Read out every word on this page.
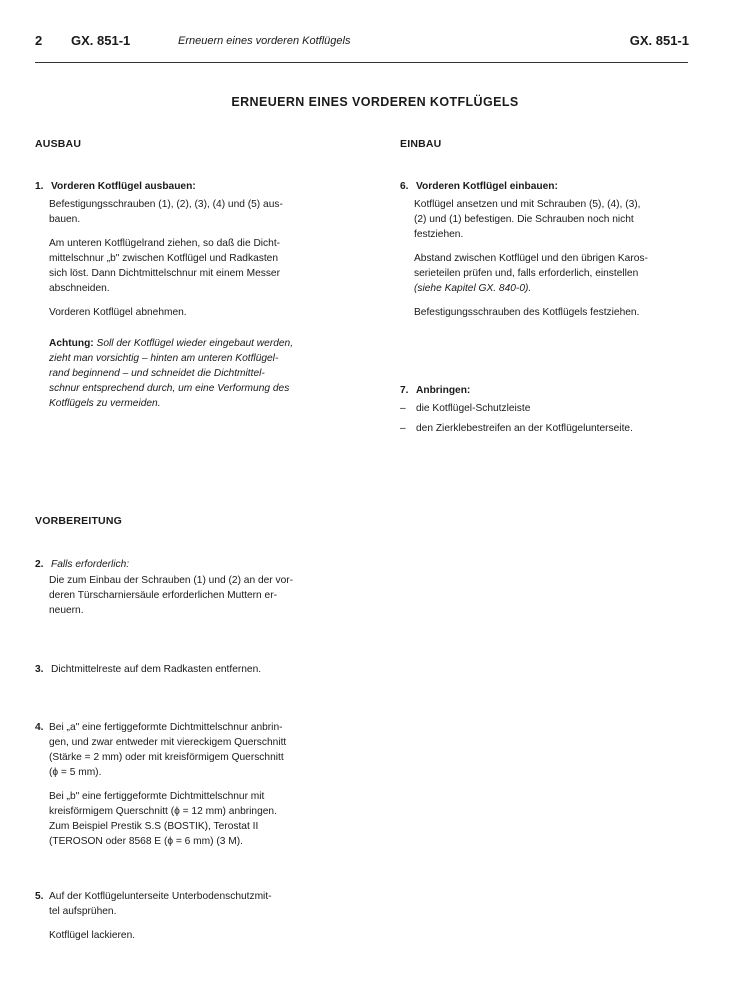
2 GX. 851-1	Erneuern eines vorderen Kotflügels	GX. 851-1
ERNEUERN EINES VORDEREN KOTFLÜGELS
AUSBAU
1. Vorderen Kotflügel ausbauen:

Befestigungsschrauben (1), (2), (3), (4) und (5) aus-
bauen.

Am unteren Kotflügelrand ziehen, so daß die Dicht-
mittelschnur „b" zwischen Kotflügel und Radkasten
sich löst. Dann Dichtmittelschnur mit einem Messer
abschneiden.

Vorderen Kotflügel abnehmen.

Achtung: Soll der Kotflügel wieder eingebaut werden,
zieht man vorsichtig – hinten am unteren Kotflügel-
rand beginnend – und schneidet die Dichtmittel-
schnur entsprechend durch, um eine Verformung des
Kotflügels zu vermeiden.

VORBEREITUNG
2. Falls erforderlich:

Die zum Einbau der Schrauben (1) und (2) an der vor-
deren Türscharniersäule erforderlichen Muttern er-
neuern.

3. Dichtmittelreste auf dem Radkasten entfernen.
4. Bei „a" eine fertiggeformte Dichtmittelschnur anbrin-
gen, und zwar entweder mit viereckigem Querschnitt
(Stärke = 2 mm) oder mit kreisförmigem Querschnitt
(ϕ = 5 mm).

Bei „b" eine fertiggeformte Dichtmittelschnur mit
kreisförmigem Querschnitt (ϕ = 12 mm) anbringen.
Zum Beispiel Prestik S.S (BOSTIK), Terostat II
(TEROSON oder 8568 E (ϕ = 6 mm) (3 M).

5. Auf der Kotflügelunterseite Unterbodenschutzmit-
tel aufsprühen.

Kotflügel lackieren.

EINBAU
6. Vorderen Kotflügel einbauen:

Kotflügel ansetzen und mit Schrauben (5), (4), (3),
(2) und (1) befestigen. Die Schrauben noch nicht
festziehen.

Abstand zwischen Kotflügel und den übrigen Karos-
serieteilen prüfen und, falls erforderlich, einstellen
(siehe Kapitel GX. 840-0).

Befestigungsschrauben des Kotflügels festziehen.

7. Anbringen:
– die Kotflügel-Schutzleiste
– den Zierklebestreifen an der Kotflügelunterseite.
